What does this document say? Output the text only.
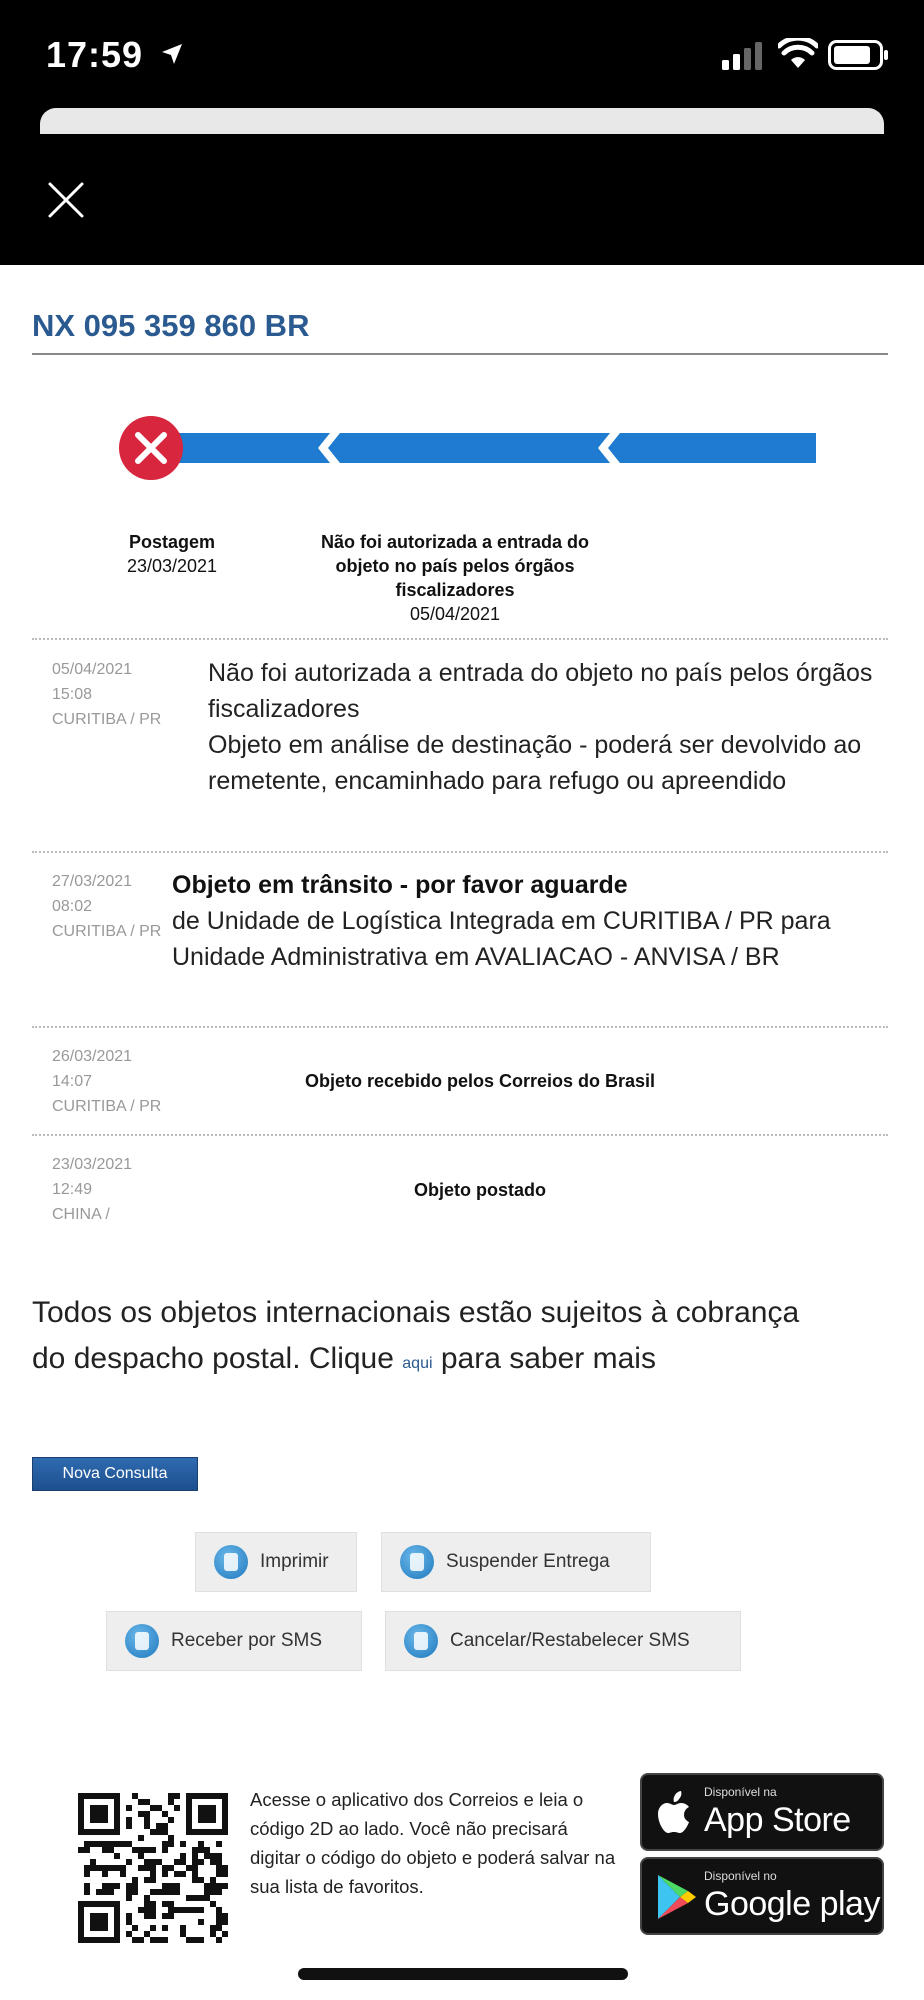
17:59
NX 095 359 860 BR
Postagem
23/03/2021
Não foi autorizada a entrada do objeto no país pelos órgãos fiscalizadores
05/04/2021
05/04/2021
15:08
CURITIBA / PR
Não foi autorizada a entrada do objeto no país pelos órgãos fiscalizadores
Objeto em análise de destinação - poderá ser devolvido ao remetente, encaminhado para refugo ou apreendido
27/03/2021
08:02
CURITIBA / PR
Objeto em trânsito - por favor aguarde
de Unidade de Logística Integrada em CURITIBA / PR para Unidade Administrativa em AVALIACAO - ANVISA / BR
26/03/2021
14:07
CURITIBA / PR
Objeto recebido pelos Correios do Brasil
23/03/2021
12:49
CHINA /
Objeto postado
Todos os objetos internacionais estão sujeitos à cobrança do despacho postal. Clique aqui para saber mais
Nova Consulta
Imprimir	Suspender Entrega
Receber por SMS	Cancelar/Restabelecer SMS
Acesse o aplicativo dos Correios e leia o código 2D ao lado. Você não precisará digitar o código do objeto e poderá salvar na sua lista de favoritos.
Disponível na
App Store
Disponível no
Google play
